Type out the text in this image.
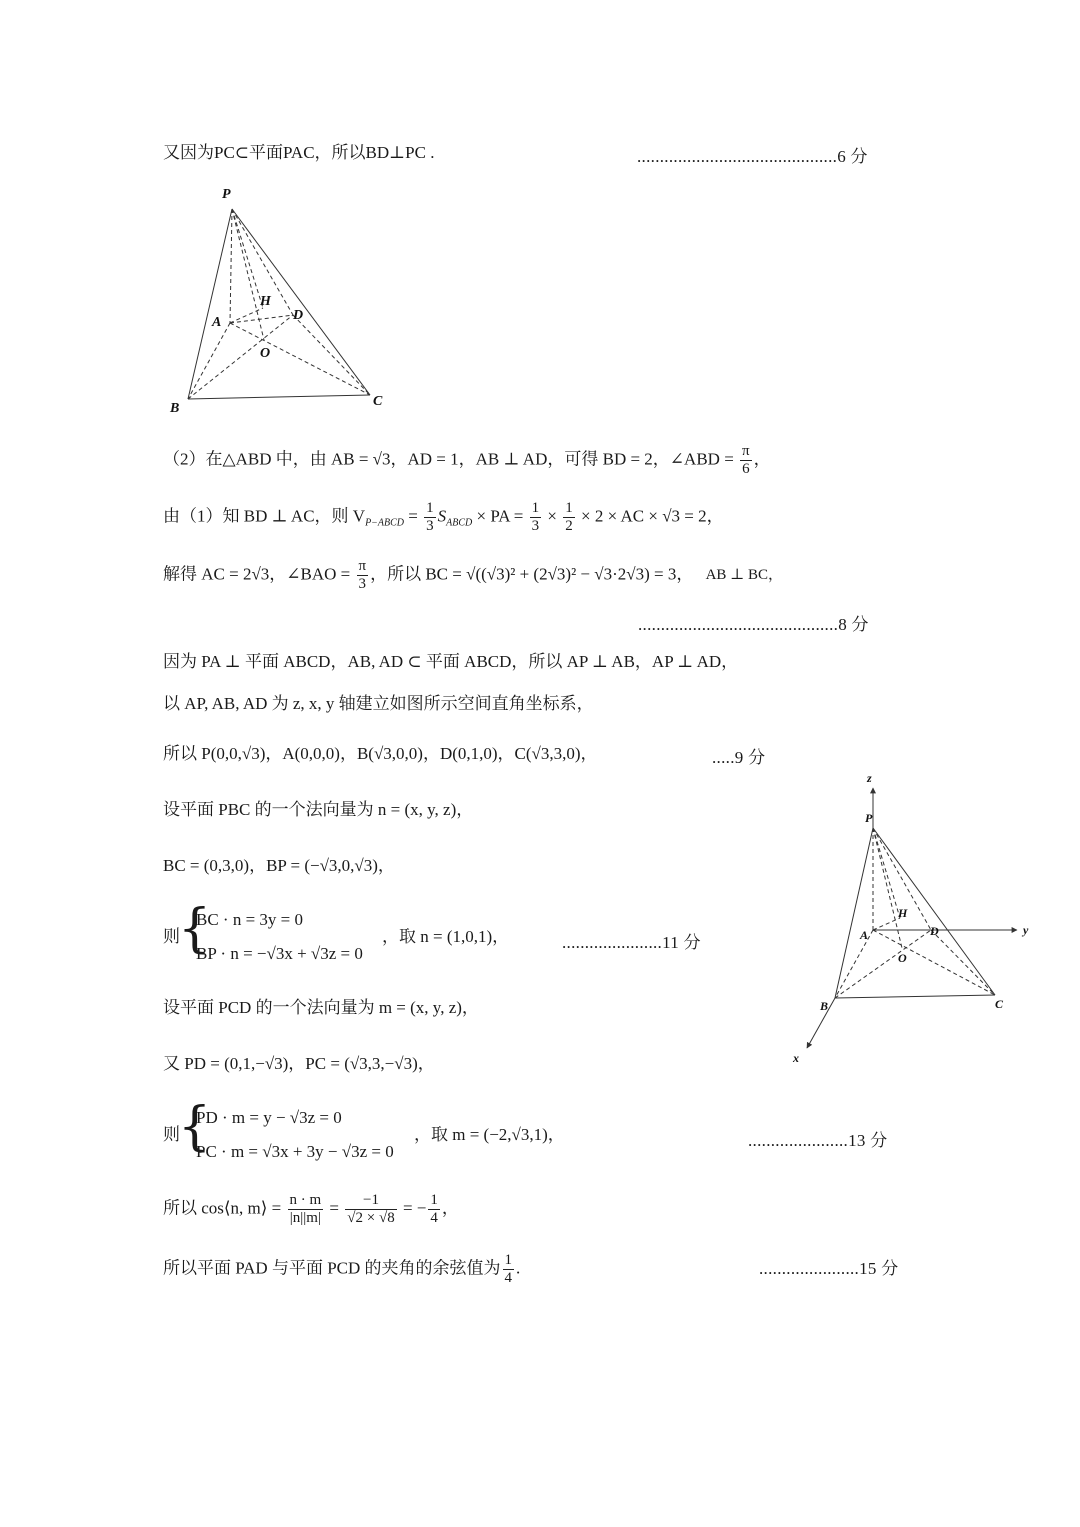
又因为PC⊂平面PAC，所以BD⊥PC .	............................................6 分
P
H
A	D
O
B	C
（2）在△ABD 中，由 AB = √3，AD = 1，AB ⊥ AD，可得 BD = 2，∠ABD = $\frac{\pi}{6}$ ，
由（1）知 BD ⊥ AC，则 $V_{P-ABCD} = \frac{1}{3} S_{ABCD}$ × PA = $\frac{1}{3} \times \frac{1}{2} \times 2$ × AC × √3 = 2，
解得 AC = 2√3，∠BAO = $\frac{\pi}{3}$ ，所以 BC = √((√3)² + (2√3)² − √3·2√3) = 3， AB ⊥ BC，
............................................8 分
因为 PA ⊥ 平面 ABCD，AB, AD ⊂ 平面 ABCD，所以 AP ⊥ AB，AP ⊥ AD，
以 AP, AB, AD 为 z, x, y 轴建立如图所示空间直角坐标系，
所以 P(0,0,√3)，A(0,0,0)，B(√3,0,0)，D(0,1,0)，C(√3,3,0)，	.....9 分
设平面 PBC 的一个法向量为 n = (x, y, z)，
BC = (0,3,0)，BP = (−√3,0,√3)，
则
{
BC · n = 3y = 0
BP · n = −√3x + √3z = 0
，取 n = (1,0,1)，	......................11 分
设平面 PCD 的一个法向量为 m = (x, y, z)，
又 PD = (0,1,−√3)，PC = (√3,3,−√3)，
则
{
PD · m = y − √3z = 0
PC · m = √3x + 3y − √3z = 0
，取 m = (−2,√3,1)，	......................13 分
所以 cos⟨n, m⟩ = $\frac{n \cdot m}{|n||m|} = \frac{-1}{√2 \times √8}$ = − $\frac{1}{4}$ ，
所以平面 PAD 与平面 PCD 的夹角的余弦值为 $\frac{1}{4}$ .	......................15 分
z
P
H
A	D	y
O
B	C
x
